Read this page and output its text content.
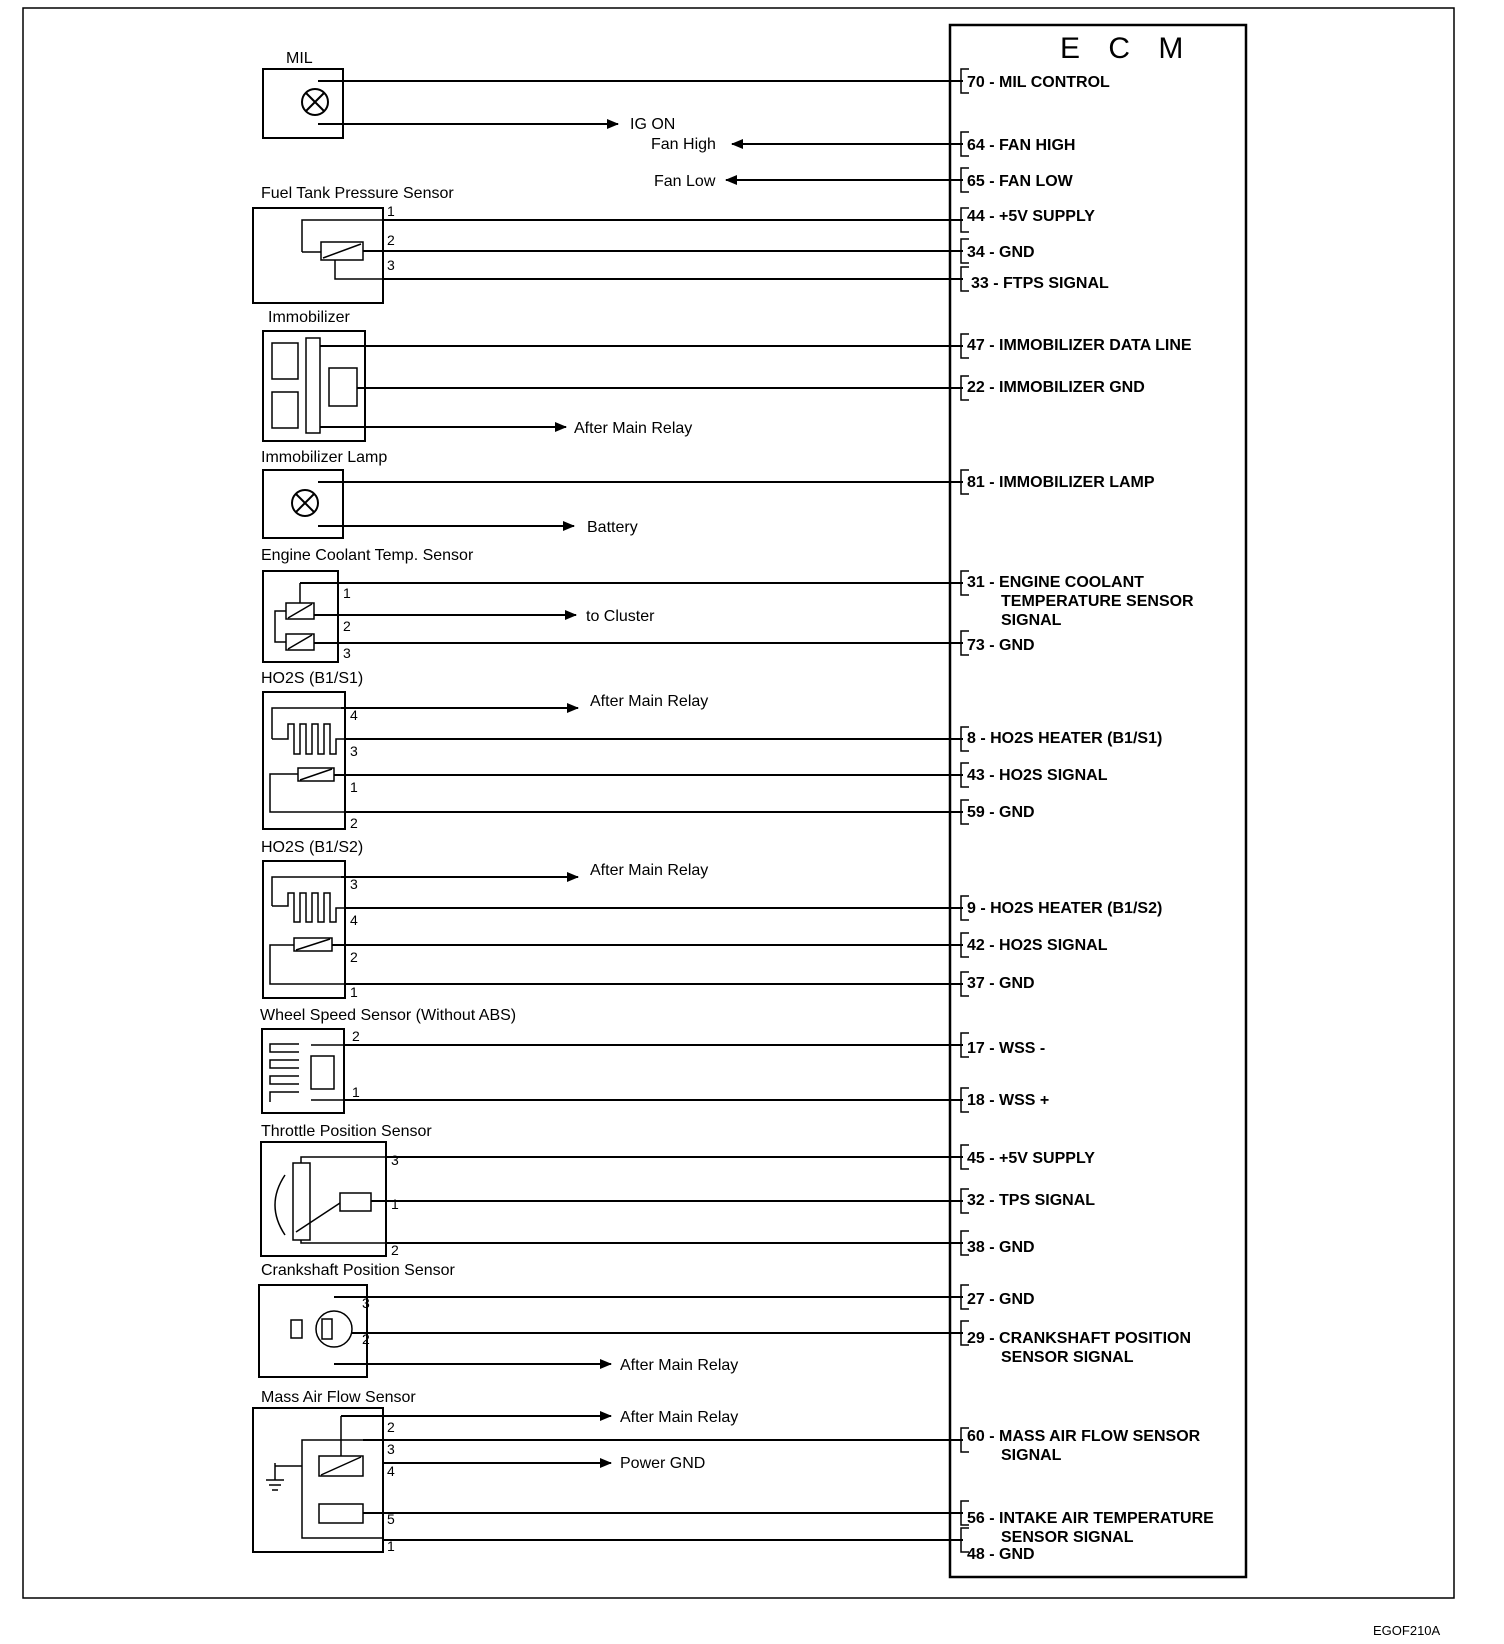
MIL
Fuel Tank Pressure Sensor
Immobilizer
Immobilizer Lamp
Engine Coolant Temp. Sensor
HO2S (B1/S1)
HO2S (B1/S2)
Wheel Speed Sensor (Without ABS)
Throttle Position Sensor
Crankshaft Position Sensor
Mass Air Flow Sensor
IG ON
Fan High
Fan Low
After Main Relay
Battery
to Cluster
After Main Relay
After Main Relay
After Main Relay
After Main Relay
Power GND
1
2
3
1
2
3
4
3
1
2
3
4
2
1
2
1
3
1
2
3
2
2
3
4
5
1
E C M
70 - MIL CONTROL
64 - FAN HIGH
65 - FAN LOW
44 - +5V SUPPLY
34 - GND
33 - FTPS SIGNAL
47 - IMMOBILIZER DATA LINE
22 - IMMOBILIZER GND
81 - IMMOBILIZER LAMP
31 - ENGINE COOLANT
TEMPERATURE SENSOR
SIGNAL
73 - GND
8 - HO2S HEATER (B1/S1)
43 - HO2S SIGNAL
59 - GND
9 - HO2S HEATER (B1/S2)
42 - HO2S SIGNAL
37 - GND
17 - WSS -
18 - WSS +
45 - +5V SUPPLY
32 - TPS SIGNAL
38 - GND
27 - GND
29 - CRANKSHAFT POSITION
SENSOR SIGNAL
60 - MASS AIR FLOW SENSOR
SIGNAL
56 - INTAKE AIR TEMPERATURE
SENSOR SIGNAL
48 - GND
EGOF210A
